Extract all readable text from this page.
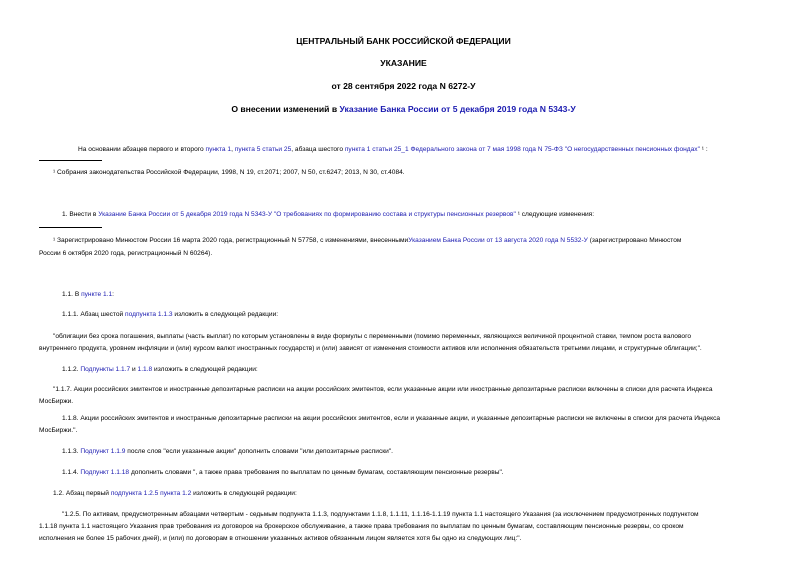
ЦЕНТРАЛЬНЫЙ БАНК РОССИЙСКОЙ ФЕДЕРАЦИИ
УКАЗАНИЕ
от 28 сентября 2022 года N 6272-У
О внесении изменений в Указание Банка России от 5 декабря 2019 года N 5343-У
На основании абзацев первого и второго пункта 1, пункта 5 статьи 25, абзаца шестого пункта 1 статьи 25_1 Федерального закона от 7 мая 1998 года N 75-ФЗ "О негосударственных пенсионных фондах" ¹ :
¹ Собрания законодательства Российской Федерации, 1998, N 19, ст.2071; 2007, N 50, ст.6247; 2013, N 30, ст.4084.
1. Внести в Указание Банка России от 5 декабря 2019 года N 5343-У "О требованиях по формированию состава и структуры пенсионных резервов" ¹ следующие изменения:
¹ Зарегистрировано Минюстом России 16 марта 2020 года, регистрационный N 57758, с изменениями, внесеннымиУказанием Банка России от 13 августа 2020 года N 5532-У (зарегистрировано Минюстом
России 6 октября 2020 года, регистрационный N 60264).
1.1. В пункте 1.1:
1.1.1. Абзац шестой подпункта 1.1.3 изложить в следующей редакции:
"облигации без срока погашения, выплаты (часть выплат) по которым установлены в виде формулы с переменными (помимо переменных, являющихся величиной процентной ставки, темпом роста валового
внутреннего продукта, уровнем инфляции и (или) курсом валют иностранных государств) и (или) зависят от изменения стоимости активов или исполнения обязательств третьими лицами, и структурные облигации;".
1.1.2. Подпункты 1.1.7 и 1.1.8 изложить в следующей редакции:
"1.1.7. Акции российских эмитентов и иностранные депозитарные расписки на акции российских эмитентов, если указанные акции или иностранные депозитарные расписки включены в списки для расчета Индекса
МосБиржи.
1.1.8. Акции российских эмитентов и иностранные депозитарные расписки на акции российских эмитентов, если и указанные акции, и указанные депозитарные расписки не включены в списки для расчета Индекса
МосБиржи.".
1.1.3. Подпункт 1.1.9 после слов "если указанные акции" дополнить словами "или депозитарные расписки".
1.1.4. Подпункт 1.1.18 дополнить словами ", а также права требования по выплатам по ценным бумагам, составляющим пенсионные резервы".
1.2. Абзац первый подпункта 1.2.5 пункта 1.2 изложить в следующей редакции:
"1.2.5. По активам, предусмотренным абзацами четвертым - седьмым подпункта 1.1.3, подпунктами 1.1.8, 1.1.11, 1.1.16-1.1.19 пункта 1.1 настоящего Указания (за исключением предусмотренных подпунктом
1.1.18 пункта 1.1 настоящего Указания прав требования из договоров на брокерское обслуживание, а также права требования по выплатам по ценным бумагам, составляющим пенсионные резервы, со сроком
исполнения не более 15 рабочих дней), и (или) по договорам в отношении указанных активов обязанным лицом является хотя бы одно из следующих лиц:".
